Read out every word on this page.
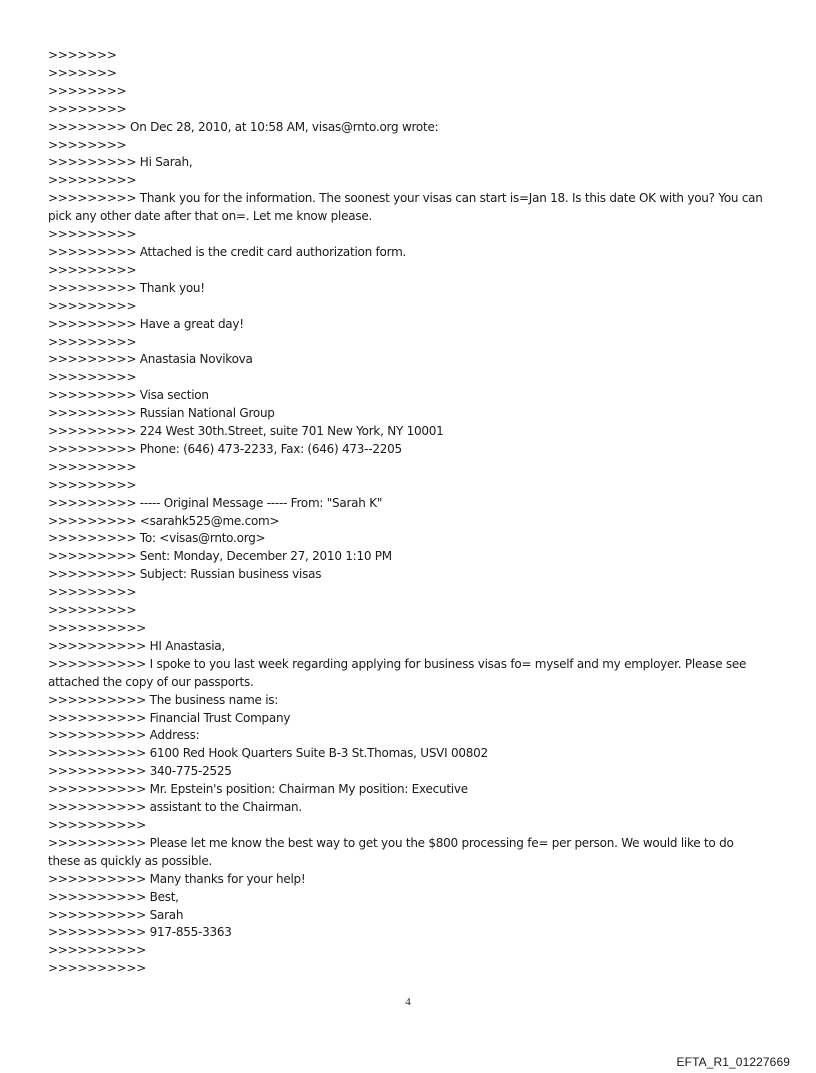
>>>>>>>

>>>>>>>

>>>>>>>>

>>>>>>>>

>>>>>>>> On Dec 28, 2010, at 10:58 AM, visas@rnto.org wrote:

>>>>>>>>

>>>>>>>>> Hi Sarah,

>>>>>>>>>

>>>>>>>>> Thank you for the information. The soonest your visas can start is=Jan 18. Is this date OK with you? You can pick any other date after that on=. Let me know please.

>>>>>>>>>

>>>>>>>>> Attached is the credit card authorization form.

>>>>>>>>>

>>>>>>>>> Thank you!

>>>>>>>>>

>>>>>>>>> Have a great day!

>>>>>>>>>

>>>>>>>>> Anastasia Novikova

>>>>>>>>>

>>>>>>>>> Visa section

>>>>>>>>> Russian National Group

>>>>>>>>> 224 West 30th.Street, suite 701 New York, NY 10001

>>>>>>>>> Phone: (646) 473-2233, Fax: (646) 473--2205

>>>>>>>>>

>>>>>>>>>

>>>>>>>>> ----- Original Message ----- From: "Sarah K"

>>>>>>>>> <sarahk525@me.com>

>>>>>>>>> To: <visas@rnto.org>

>>>>>>>>> Sent: Monday, December 27, 2010 1:10 PM

>>>>>>>>> Subject: Russian business visas

>>>>>>>>>

>>>>>>>>>

>>>>>>>>>>

>>>>>>>>>> HI Anastasia,

>>>>>>>>>> I spoke to you last week regarding applying for business visas fo= myself and my employer. Please see attached the copy of our passports.

>>>>>>>>>> The business name is:

>>>>>>>>>> Financial Trust Company

>>>>>>>>>> Address:

>>>>>>>>>> 6100 Red Hook Quarters Suite B-3 St.Thomas, USVI 00802

>>>>>>>>>> 340-775-2525

>>>>>>>>>> Mr. Epstein's position: Chairman My position: Executive

>>>>>>>>>> assistant to the Chairman.

>>>>>>>>>>

>>>>>>>>>> Please let me know the best way to get you the $800 processing fe= per person. We would like to do these as quickly as possible.

>>>>>>>>>> Many thanks for your help!

>>>>>>>>>> Best,

>>>>>>>>>> Sarah

>>>>>>>>>> 917-855-3363

>>>>>>>>>>

>>>>>>>>>>

4
EFTA_R1_01227669
